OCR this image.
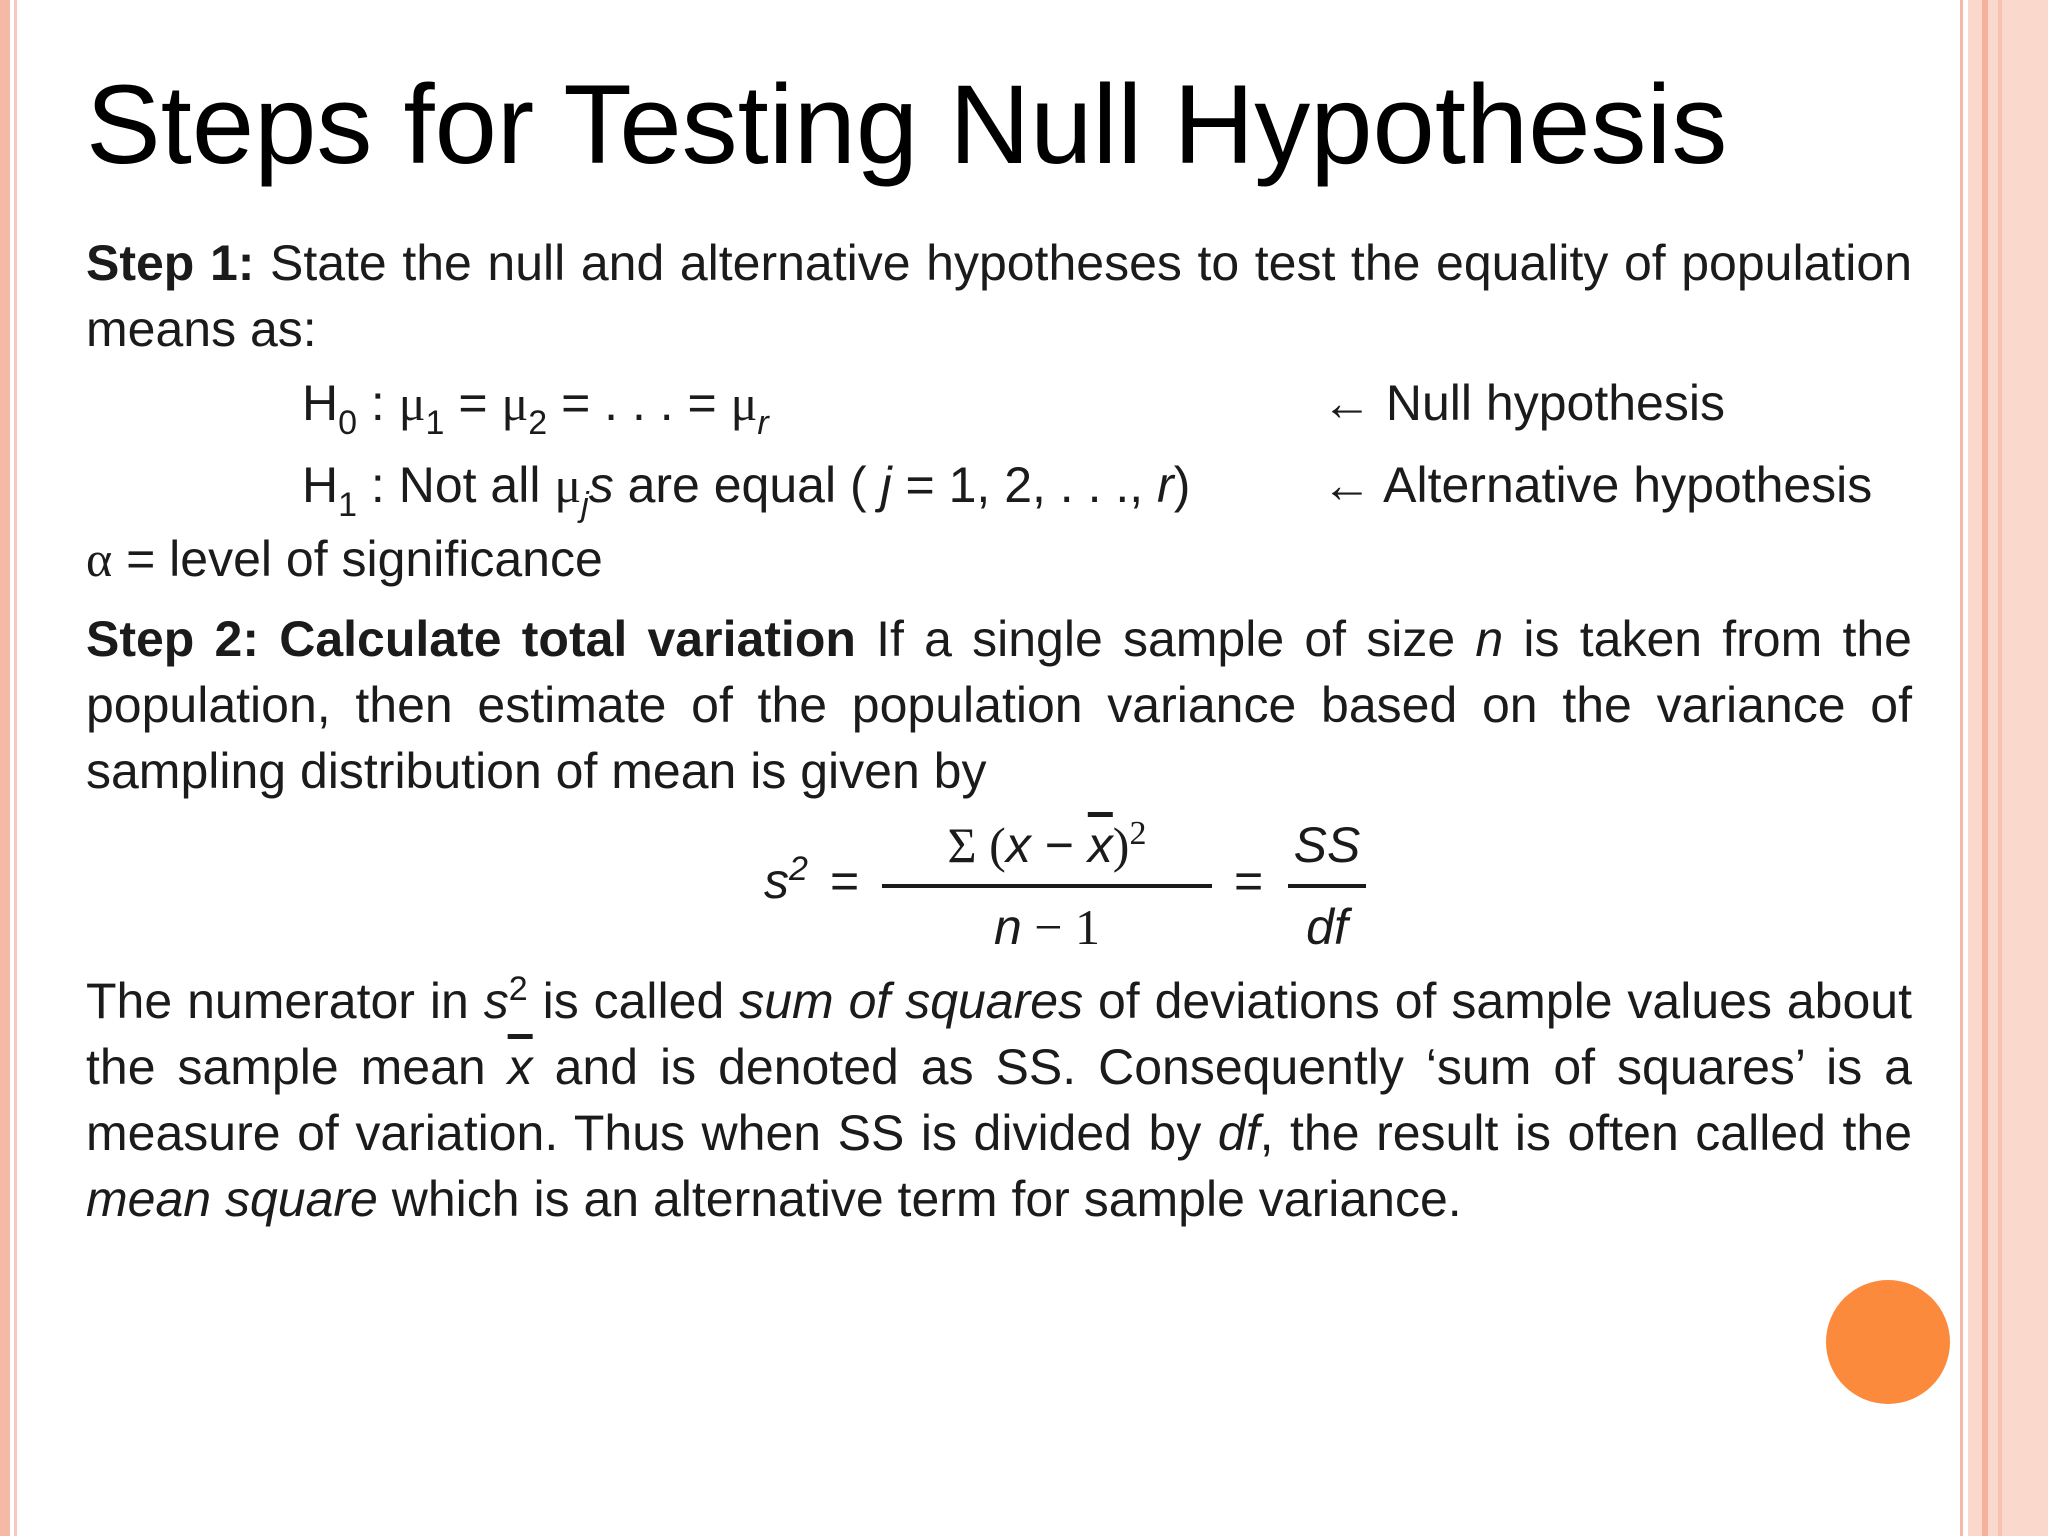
Steps for Testing Null Hypothesis

Step 1: State the null and alternative hypotheses to test the equality of population means as:

$H_0$ : $\mu_1 = \mu_2$ = . . . = $\mu_r$	← Null hypothesis
$H_1$ : Not all $\mu_js$ are equal ( j = 1, 2, . . ., r)	← Alternative hypothesis

α = level of significance

Step 2: Calculate total variation If a single sample of size n is taken from the population, then estimate of the population variance based on the variance of sampling distribution of mean is given by

$s^2$ =
Σ $(x - \overline{x})^2$
n − 1
=
SS
df

The numerator in $s^2$ is called sum of squares of deviations of sample values about the sample mean $\overline{x}$ and is denoted as SS. Consequently ‘sum of squares’ is a measure of variation. Thus when SS is divided by df, the result is often called the mean square which is an alternative term for sample variance.
